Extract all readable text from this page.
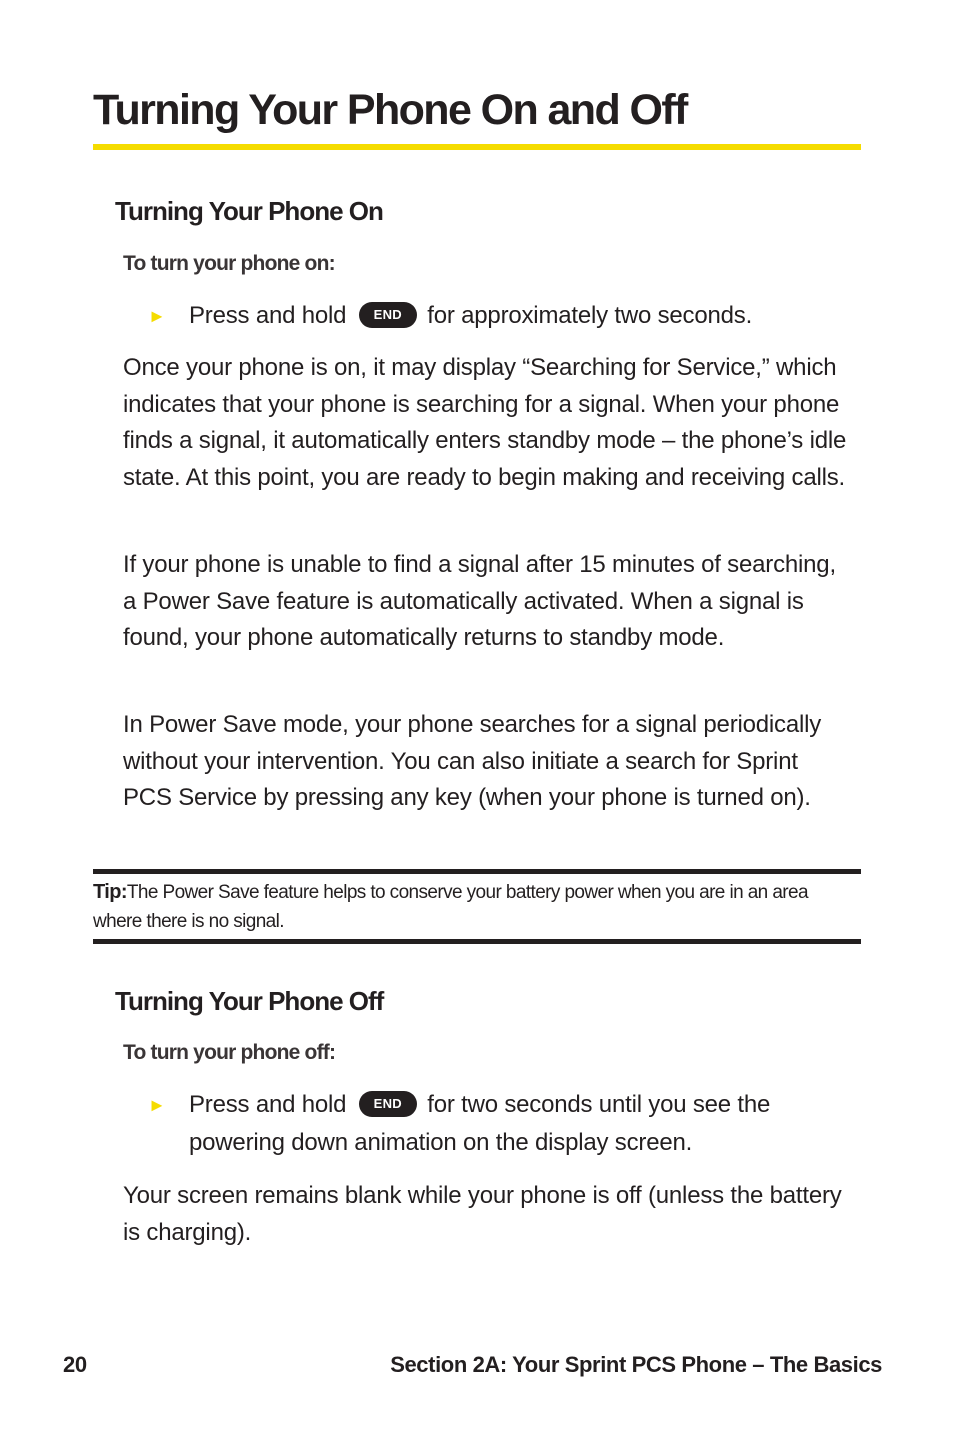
Turning Your Phone On and Off
Turning Your Phone On
To turn your phone on:
► Press and hold END for approximately two seconds.

Once your phone is on, it may display “Searching for Service,” which indicates that your phone is searching for a signal. When your phone finds a signal, it automatically enters standby mode – the phone’s idle state. At this point, you are ready to begin making and receiving calls.

If your phone is unable to find a signal after 15 minutes of searching, a Power Save feature is automatically activated. When a signal is found, your phone automatically returns to standby mode.

In Power Save mode, your phone searches for a signal periodically without your intervention. You can also initiate a search for Sprint PCS Service by pressing any key (when your phone is turned on).

Tip:The Power Save feature helps to conserve your battery power when you are in an area where there is no signal.

Turning Your Phone Off
To turn your phone off:
► Press and hold END for two seconds until you see the powering down animation on the display screen.

Your screen remains blank while your phone is off (unless the battery is charging).

20	Section 2A: Your Sprint PCS Phone – The Basics
